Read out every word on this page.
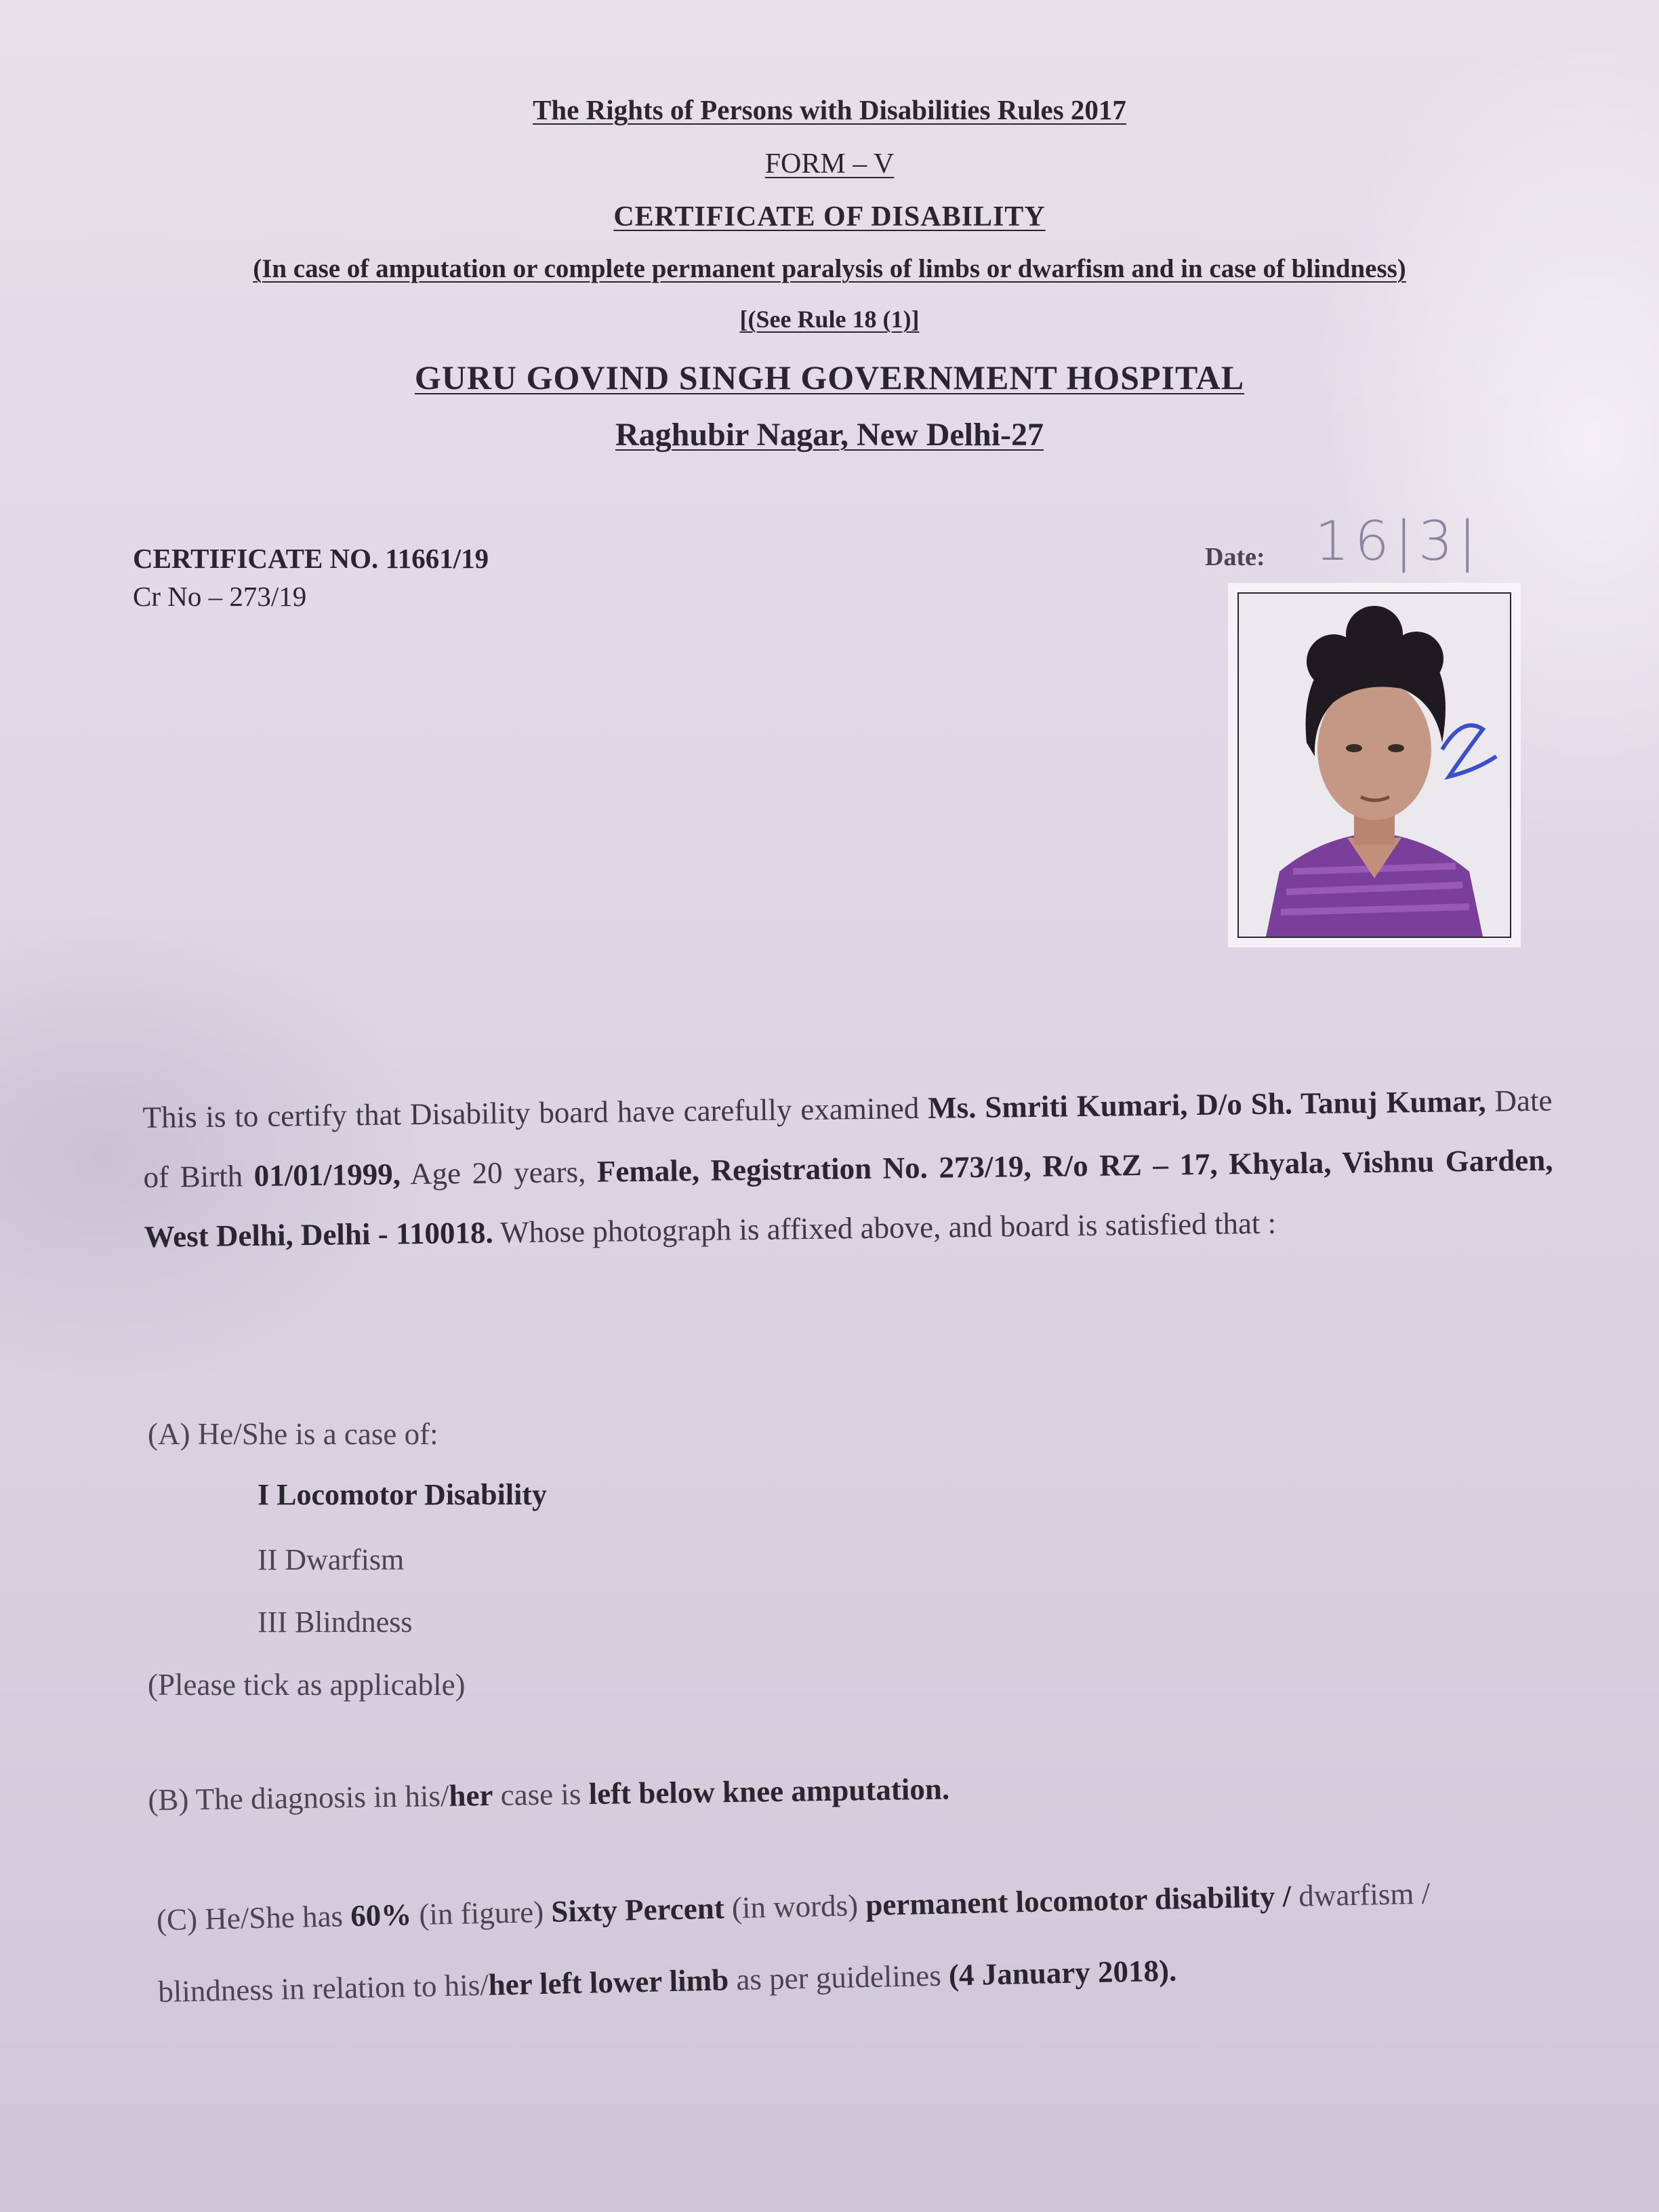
The Rights of Persons with Disabilities Rules 2017
FORM – V
CERTIFICATE OF DISABILITY
(In case of amputation or complete permanent paralysis of limbs or dwarfism and in case of blindness)
[(See Rule 18 (1)]
GURU GOVIND SINGH GOVERNMENT HOSPITAL
Raghubir Nagar, New Delhi-27
CERTIFICATE NO. 11661/19
Cr No – 273/19
Date: 16|3|
This is to certify that Disability board have carefully examined Ms. Smriti Kumari, D/o Sh. Tanuj Kumar, Date of Birth 01/01/1999, Age 20 years, Female, Registration No. 273/19, R/o RZ – 17, Khyala, Vishnu Garden, West Delhi, Delhi - 110018. Whose photograph is affixed above, and board is satisfied that :
(A) He/She is a case of:
I Locomotor Disability
II Dwarfism
III Blindness
(Please tick as applicable)
(B) The diagnosis in his/her case is left below knee amputation.
(C) He/She has 60% (in figure) Sixty Percent (in words) permanent locomotor disability / dwarfism / blindness in relation to his/her left lower limb as per guidelines (4 January 2018).
